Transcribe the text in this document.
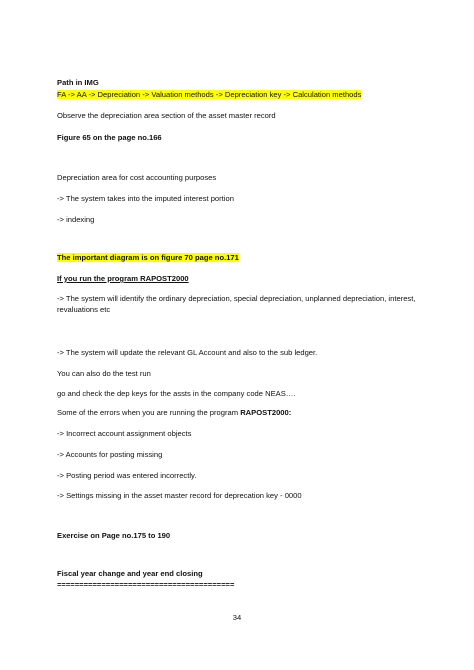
Path in IMG
FA -> AA -> Depreciation -> Valuation methods -> Depreciation key -> Calculation methods
Observe the depreciation area section of the asset master record
Figure 65 on the page no.166
Depreciation area for cost accounting purposes
-> The system takes into the imputed interest portion
-> indexing
The important diagram is on figure 70 page no.171
If you run the program RAPOST2000
-> The system will identify the ordinary depreciation, special depreciation, unplanned depreciation, interest, revaluations etc
-> The system will update the relevant GL Account and also to the sub ledger.
You can also do the test run
go and check the dep keys for the assts in the company code NEAS….
Some of the errors when you are running the program RAPOST2000:
-> Incorrect account assignment objects
-> Accounts for posting missing
-> Posting period was entered incorrectly.
-> Settings missing in the asset master record for deprecation key - 0000
Exercise on Page no.175 to 190
Fiscal year change and year end closing
========================================
34
